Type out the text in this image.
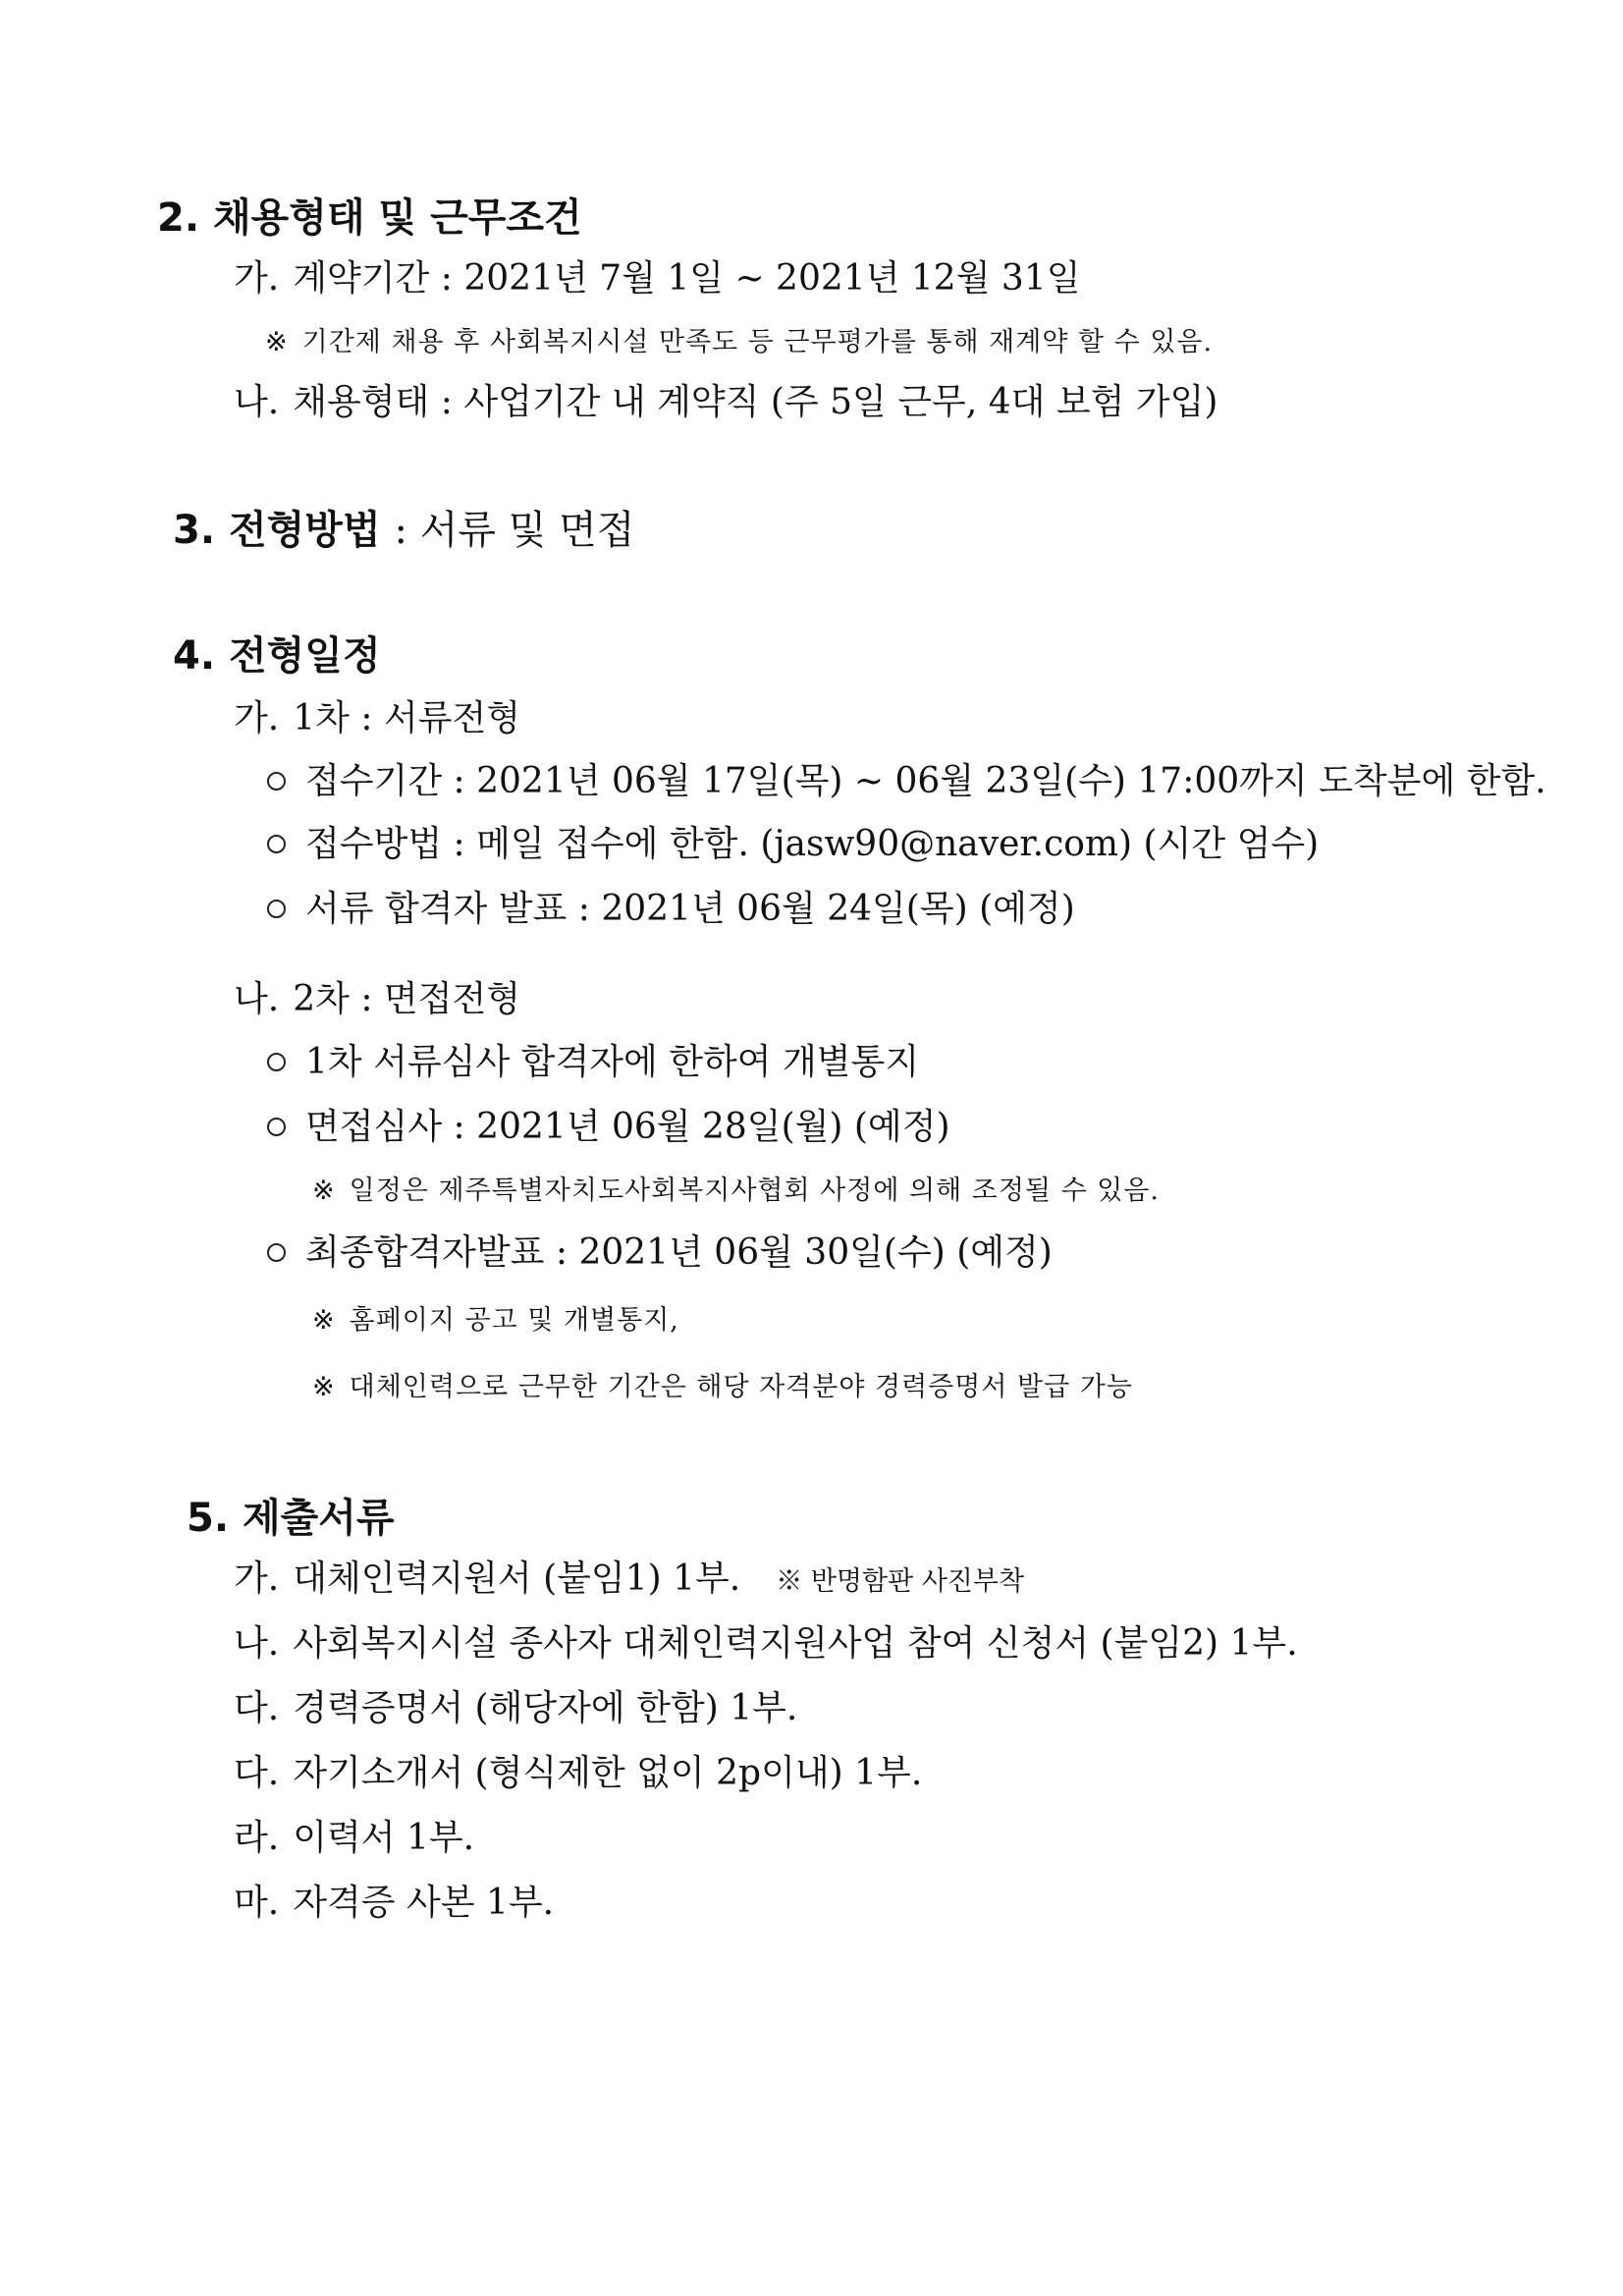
2. 채용형태 및 근무조건
가. 계약기간 : 2021년 7월 1일 ~ 2021년 12월 31일
※ 기간제 채용 후 사회복지시설 만족도 등 근무평가를 통해 재계약 할 수 있음.
나. 채용형태 : 사업기간 내 계약직 (주 5일 근무, 4대 보험 가입)
3. 전형방법 : 서류 및 면접
4. 전형일정
가. 1차 : 서류전형
접수기간 : 2021년 06월 17일(목) ~ 06월 23일(수) 17:00까지 도착분에 한함.
접수방법 : 메일 접수에 한함. (jasw90@naver.com) (시간 엄수)
서류 합격자 발표 : 2021년 06월 24일(목) (예정)
나. 2차 : 면접전형
1차 서류심사 합격자에 한하여 개별통지
면접심사 : 2021년 06월 28일(월) (예정)
※ 일정은 제주특별자치도사회복지사협회 사정에 의해 조정될 수 있음.
최종합격자발표 : 2021년 06월 30일(수) (예정)
※ 홈페이지 공고 및 개별통지,
※ 대체인력으로 근무한 기간은 해당 자격분야 경력증명서 발급 가능
5. 제출서류
가. 대체인력지원서 (붙임1) 1부. ※ 반명함판 사진부착
나. 사회복지시설 종사자 대체인력지원사업 참여 신청서 (붙임2) 1부.
다. 경력증명서 (해당자에 한함) 1부.
다. 자기소개서 (형식제한 없이 2p이내) 1부.
라. 이력서 1부.
마. 자격증 사본 1부.
